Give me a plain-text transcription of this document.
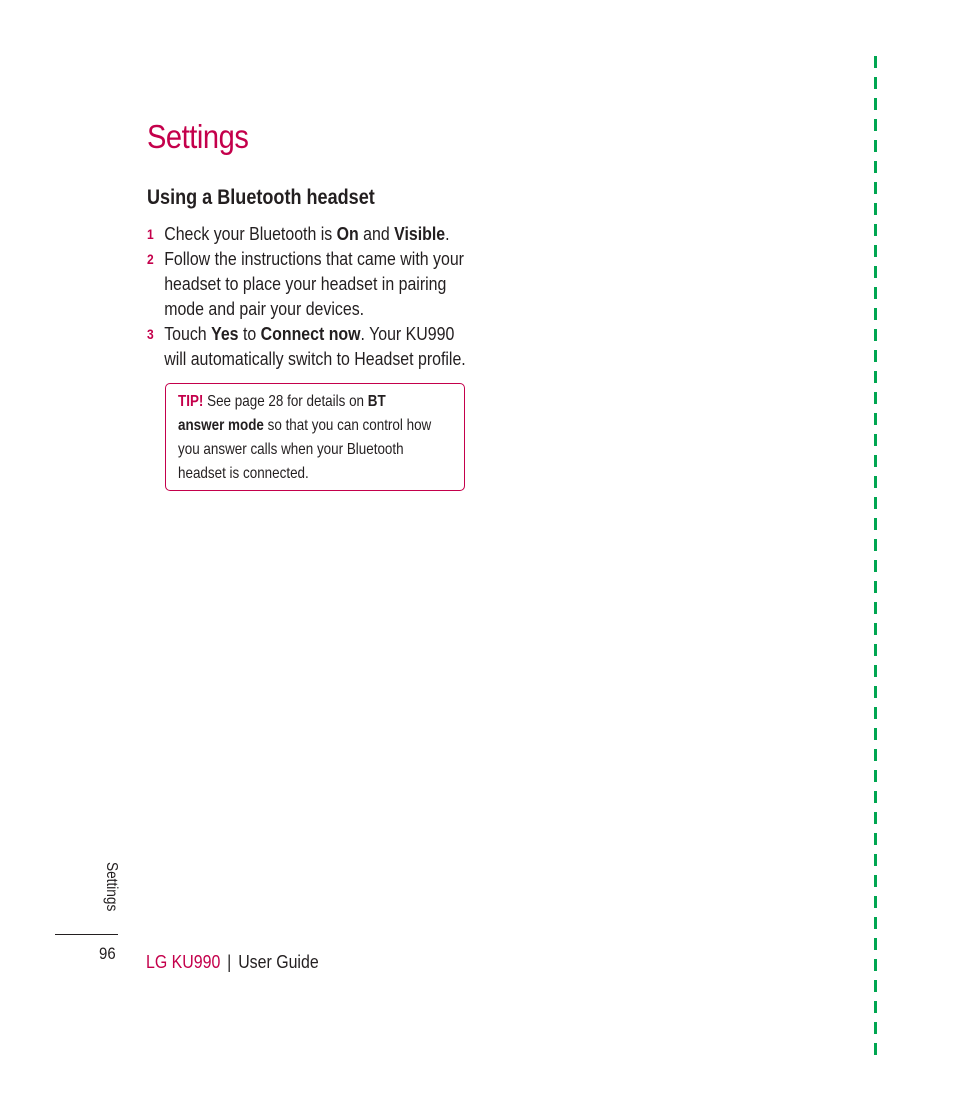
Settings
Using a Bluetooth headset
1 Check your Bluetooth is On and Visible.
2 Follow the instructions that came with your
headset to place your headset in pairing
mode and pair your devices.
3 Touch Yes to Connect now. Your KU990
will automatically switch to Headset profile.
TIP! See page 28 for details on BT
answer mode so that you can control how
you answer calls when your Bluetooth
headset is connected.
Settings
96 LG KU990 | User Guide
